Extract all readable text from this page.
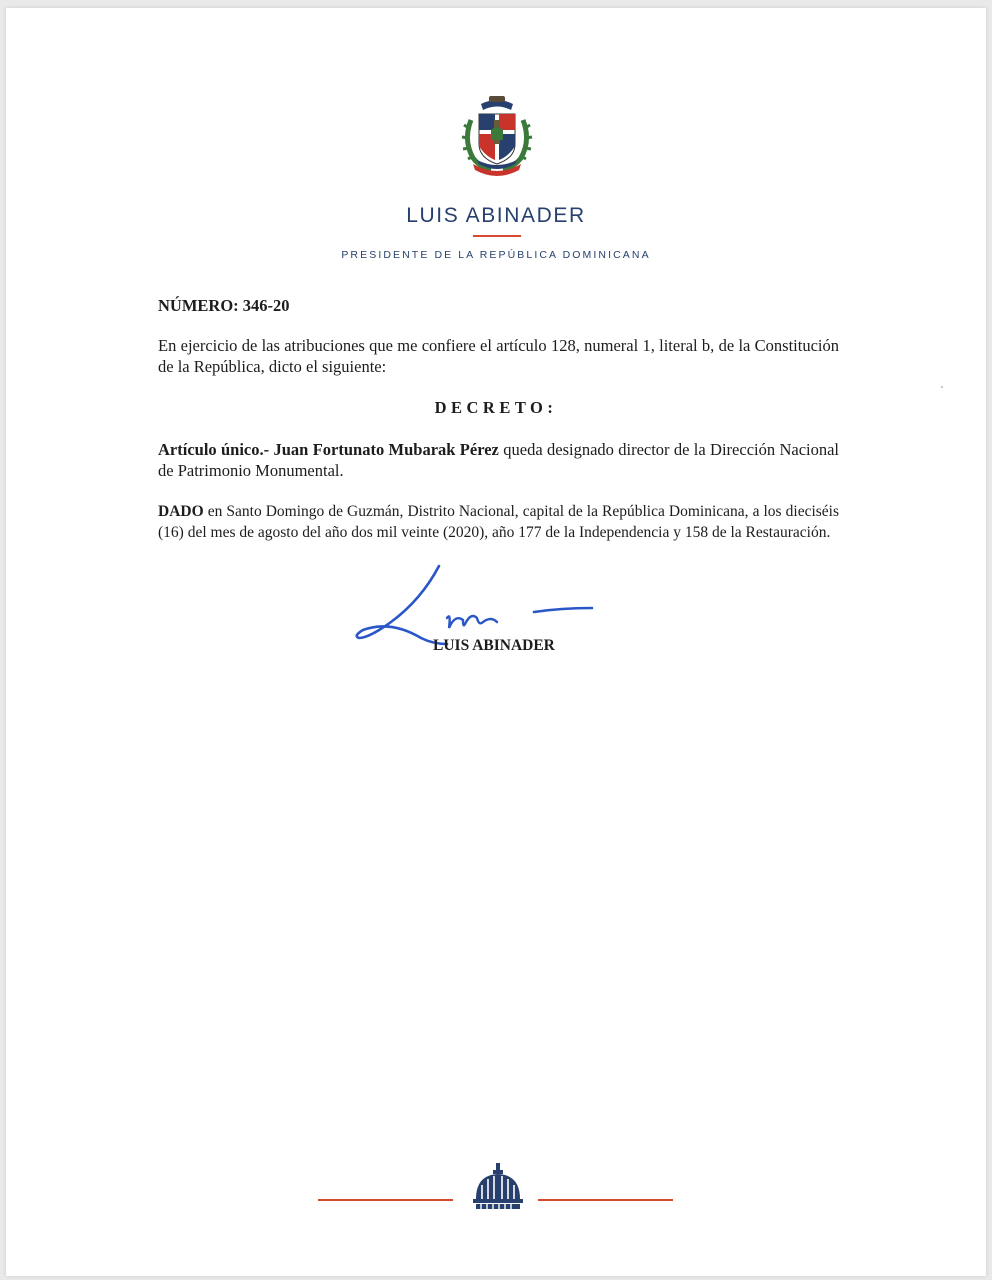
LUIS ABINADER
PRESIDENTE DE LA REPÚBLICA DOMINICANA
NÚMERO: 346-20
En ejercicio de las atribuciones que me confiere el artículo 128, numeral 1, literal b, de la Constitución de la República, dicto el siguiente:
DECRETO:
Artículo único.- Juan Fortunato Mubarak Pérez queda designado director de la Dirección Nacional de Patrimonio Monumental.
DADO en Santo Domingo de Guzmán, Distrito Nacional, capital de la República Dominicana, a los dieciséis (16) del mes de agosto del año dos mil veinte (2020), año 177 de la Independencia y 158 de la Restauración.
LUIS ABINADER
